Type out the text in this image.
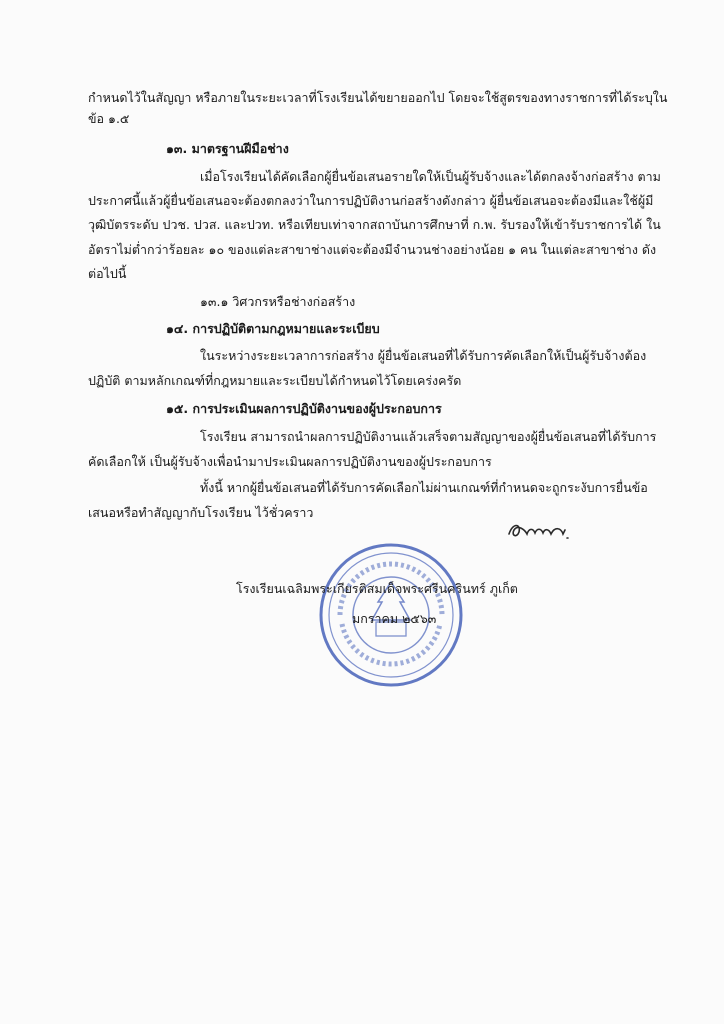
กำหนดไว้ในสัญญา หรือภายในระยะเวลาที่โรงเรียนได้ขยายออกไป โดยจะใช้สูตรของทางราชการที่ได้ระบุใน
ข้อ ๑.๕
๑๓. มาตรฐานฝีมือช่าง
เมื่อโรงเรียนได้คัดเลือกผู้ยื่นข้อเสนอรายใดให้เป็นผู้รับจ้างและได้ตกลงจ้างก่อสร้าง ตาม
ประกาศนี้แล้วผู้ยื่นข้อเสนอจะต้องตกลงว่าในการปฏิบัติงานก่อสร้างดังกล่าว ผู้ยื่นข้อเสนอจะต้องมีและใช้ผู้มี
วุฒิบัตรระดับ ปวช. ปวส. และปวท. หรือเทียบเท่าจากสถาบันการศึกษาที่ ก.พ. รับรองให้เข้ารับราชการได้ ใน
อัตราไม่ต่ำกว่าร้อยละ ๑๐ ของแต่ละสาขาช่างแต่จะต้องมีจำนวนช่างอย่างน้อย ๑ คน ในแต่ละสาขาช่าง ดัง
ต่อไปนี้
๑๓.๑ วิศวกรหรือช่างก่อสร้าง
๑๔. การปฏิบัติตามกฎหมายและระเบียบ
ในระหว่างระยะเวลาการก่อสร้าง ผู้ยื่นข้อเสนอที่ได้รับการคัดเลือกให้เป็นผู้รับจ้างต้อง
ปฏิบัติ ตามหลักเกณฑ์ที่กฎหมายและระเบียบได้กำหนดไว้โดยเคร่งครัด
๑๕. การประเมินผลการปฏิบัติงานของผู้ประกอบการ
โรงเรียน สามารถนำผลการปฏิบัติงานแล้วเสร็จตามสัญญาของผู้ยื่นข้อเสนอที่ได้รับการ
คัดเลือกให้ เป็นผู้รับจ้างเพื่อนำมาประเมินผลการปฏิบัติงานของผู้ประกอบการ
ทั้งนี้ หากผู้ยื่นข้อเสนอที่ได้รับการคัดเลือกไม่ผ่านเกณฑ์ที่กำหนดจะถูกระงับการยื่นข้อ
เสนอหรือทำสัญญากับโรงเรียน ไว้ชั่วคราว
โรงเรียนเฉลิมพระเกียรติสมเด็จพระศรีนครินทร์ ภูเก็ต
มกราคม ๒๕๖๓
